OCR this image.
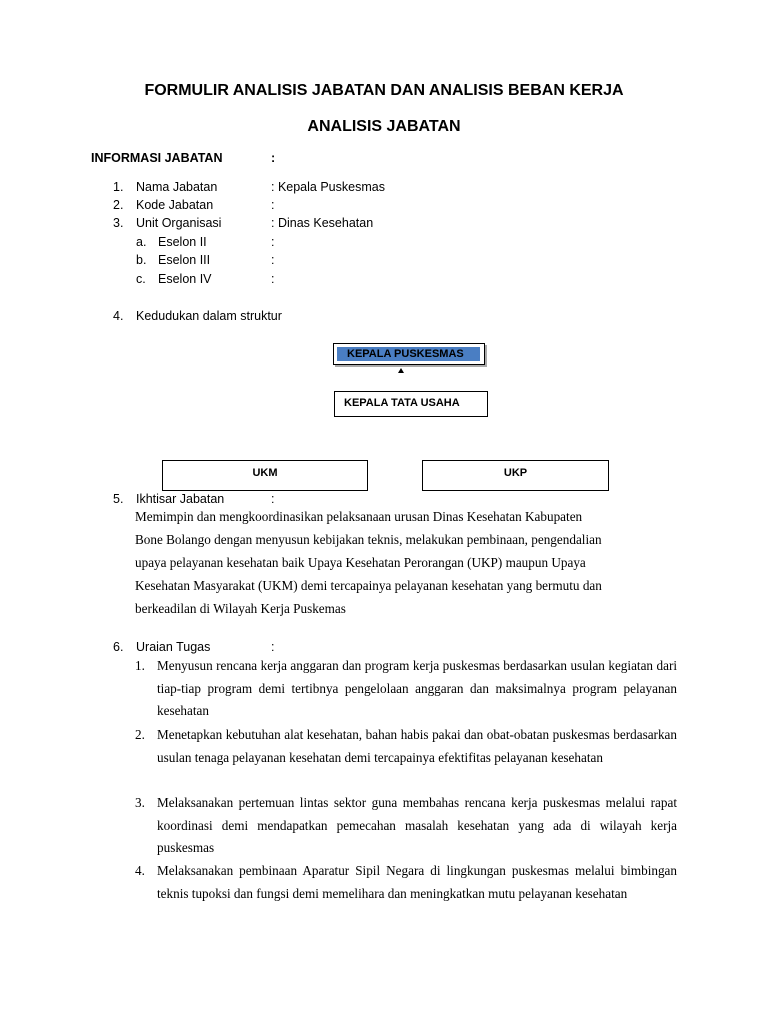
FORMULIR ANALISIS JABATAN DAN ANALISIS BEBAN KERJA
ANALISIS JABATAN
INFORMASI JABATAN	:
1. Nama Jabatan	: Kepala Puskesmas
2. Kode Jabatan	:
3. Unit Organisasi	: Dinas Kesehatan
a. Eselon II	:
b. Eselon III	:
c. Eselon IV	:
4. Kedudukan dalam struktur
KEPALA PUSKESMAS
KEPALA TATA USAHA
UKM	UKP
5. Ikhtisar Jabatan	:
Memimpin dan mengkoordinasikan pelaksanaan urusan Dinas Kesehatan Kabupaten
Bone Bolango dengan menyusun kebijakan teknis, melakukan pembinaan, pengendalian
upaya pelayanan kesehatan baik Upaya Kesehatan Perorangan (UKP) maupun Upaya
Kesehatan Masyarakat (UKM) demi tercapainya pelayanan kesehatan yang bermutu dan
berkeadilan di Wilayah Kerja Puskemas
6. Uraian Tugas	:
1. Menyusun rencana kerja anggaran dan program kerja puskesmas berdasarkan usulan kegiatan dari tiap-tiap program demi tertibnya pengelolaan anggaran dan maksimalnya program pelayanan kesehatan
2. Menetapkan kebutuhan alat kesehatan, bahan habis pakai dan obat-obatan puskesmas berdasarkan usulan tenaga pelayanan kesehatan demi tercapainya efektifitas pelayanan kesehatan
3. Melaksanakan pertemuan lintas sektor guna membahas rencana kerja puskesmas melalui rapat koordinasi demi mendapatkan pemecahan masalah kesehatan yang ada di wilayah kerja puskesmas
4. Melaksanakan pembinaan Aparatur Sipil Negara di lingkungan puskesmas melalui bimbingan teknis tupoksi dan fungsi demi memelihara dan meningkatkan mutu pelayanan kesehatan
